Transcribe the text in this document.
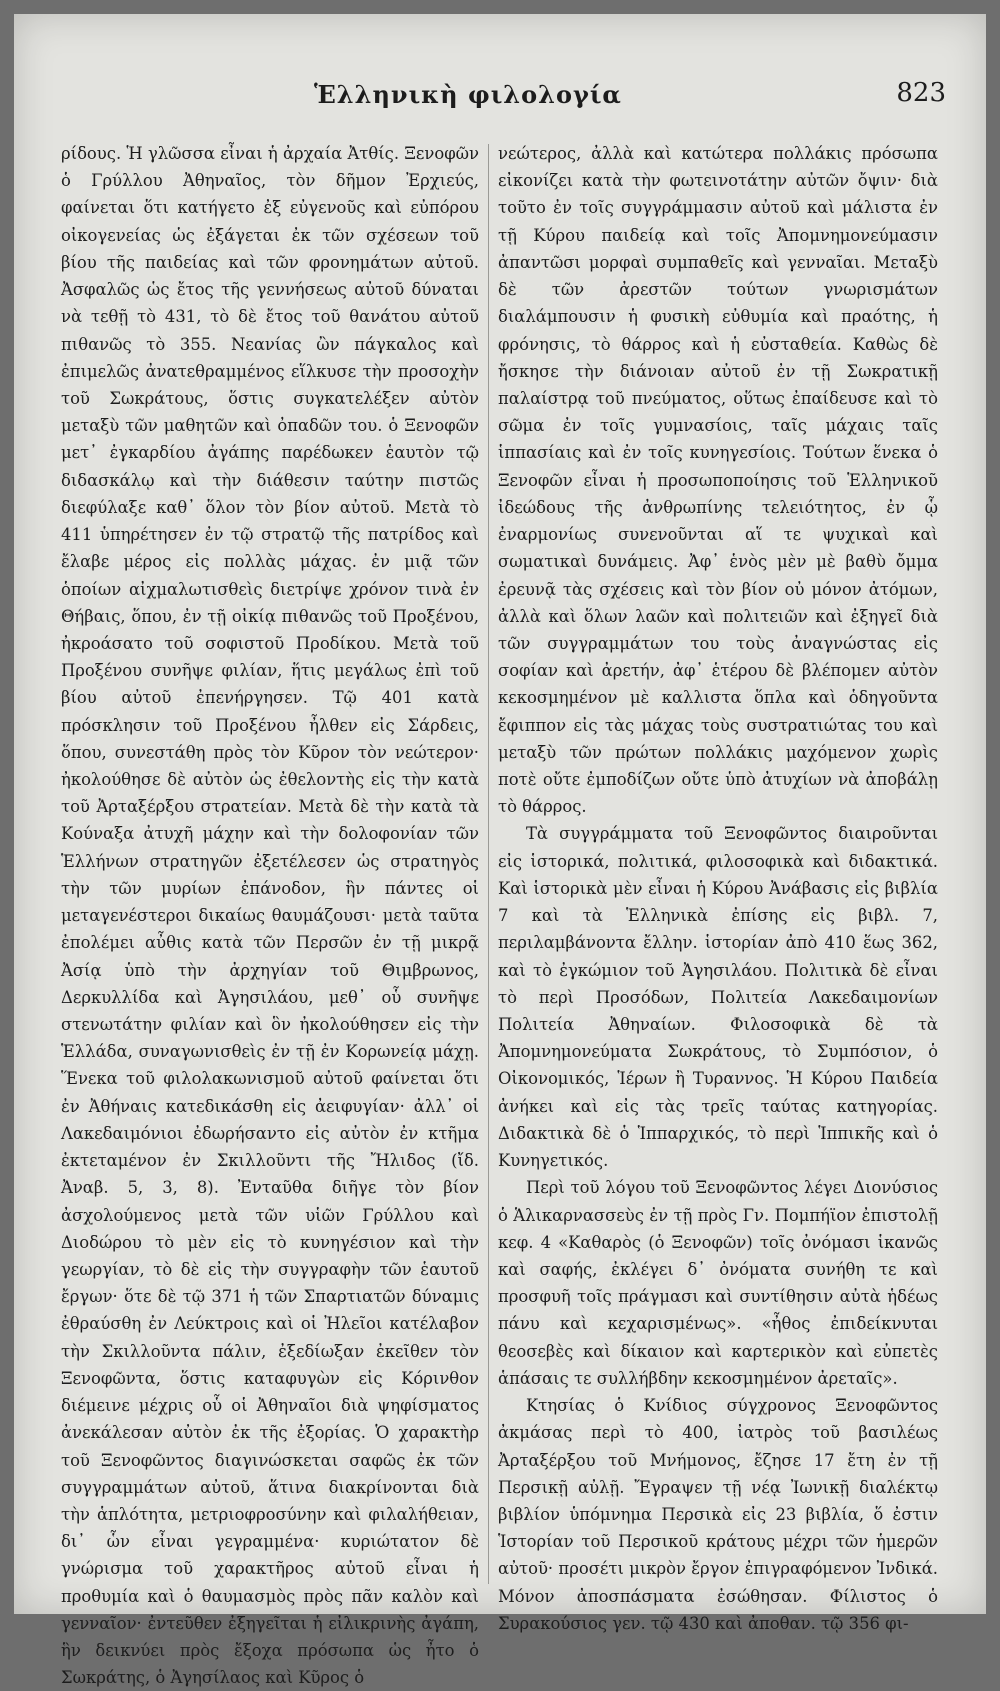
Ἑλληνικὴ φιλολογία	823

ρίδους. Ἡ γλῶσσα εἶναι ἡ ἀρχαία Ἀτθίς. Ξενοφῶν ὁ Γρύλλου Ἀθηναῖος, τὸν δῆμον Ἐρχιεύς, φαίνεται ὅτι κατήγετο ἐξ εὐγενοῦς καὶ εὐπόρου οἰκογενείας ὡς ἐξάγεται ἐκ τῶν σχέσεων τοῦ βίου τῆς παιδείας καὶ τῶν φρονημάτων αὐτοῦ. Ἀσφαλῶς ὡς ἔτος τῆς γεννήσεως αὐτοῦ δύναται νὰ τεθῇ τὸ 431, τὸ δὲ ἔτος τοῦ θανάτου αὐτοῦ πιθανῶς τὸ 355. Νεανίας ὢν πάγκαλος καὶ ἐπιμελῶς ἀνατεθραμμένος εἵλκυσε τὴν προσοχὴν τοῦ Σωκράτους, ὅστις συγκατελέξεν αὐτὸν μεταξὺ τῶν μαθητῶν καὶ ὀπαδῶν του. ὁ Ξενοφῶν μετ᾿ ἐγκαρδίου ἀγάπης παρέδωκεν ἑαυτὸν τῷ διδασκάλῳ καὶ τὴν διάθεσιν ταύτην πιστῶς διεφύλαξε καθ᾿ ὅλον τὸν βίον αὐτοῦ. Μετὰ τὸ 411 ὑπηρέτησεν ἐν τῷ στρατῷ τῆς πατρίδος καὶ ἔλαβε μέρος εἰς πολλὰς μάχας. ἐν μιᾷ τῶν ὁποίων αἰχμαλωτισθεὶς διετρίψε χρόνον τινὰ ἐν Θήβαις, ὅπου, ἐν τῇ οἰκίᾳ πιθανῶς τοῦ Προξένου, ἠκροάσατο τοῦ σοφιστοῦ Προδίκου. Μετὰ τοῦ Προξένου συνῆψε φιλίαν, ἥτις μεγάλως ἐπὶ τοῦ βίου αὐτοῦ ἐπενήργησεν. Τῷ 401 κατὰ πρόσκλησιν τοῦ Προξένου ἦλθεν εἰς Σάρδεις, ὅπου, συνεστάθη πρὸς τὸν Κῦρον τὸν νεώτερον· ἠκολούθησε δὲ αὐτὸν ὡς ἐθελοντὴς εἰς τὴν κατὰ τοῦ Ἀρταξέρξου στρατείαν. Μετὰ δὲ τὴν κατὰ τὰ Κούναξα ἀτυχῆ μάχην καὶ τὴν δολοφονίαν τῶν Ἑλλήνων στρατηγῶν ἐξετέλεσεν ὡς στρατηγὸς τὴν τῶν μυρίων ἐπάνοδον, ἣν πάντες οἱ μεταγενέστεροι δικαίως θαυμάζουσι· μετὰ ταῦτα ἐπολέμει αὖθις κατὰ τῶν Περσῶν ἐν τῇ μικρᾷ Ἀσίᾳ ὑπὸ τὴν ἀρχηγίαν τοῦ Θιμβρωνος, Δερκυλλίδα καὶ Ἀγησιλάου, μεθ᾿ οὗ συνῆψε στενωτάτην φιλίαν καὶ ὃν ἠκολούθησεν εἰς τὴν Ἑλλάδα, συναγωνισθεὶς ἐν τῇ ἐν Κορωνείᾳ μάχῃ. Ἕνεκα τοῦ φιλολακωνισμοῦ αὐτοῦ φαίνεται ὅτι ἐν Ἀθήναις κατεδικάσθη εἰς ἀειφυγίαν· ἀλλ᾿ οἱ Λακεδαιμόνιοι ἐδωρήσαντο εἰς αὐτὸν ἐν κτῆμα ἐκτεταμένον ἐν Σκιλλοῦντι τῆς Ἤλιδος (ἴδ. Ἀναβ. 5, 3, 8). Ἐνταῦθα διῆγε τὸν βίον ἀσχολούμενος μετὰ τῶν υἱῶν Γρύλλου καὶ Διοδώρου τὸ μὲν εἰς τὸ κυνηγέσιον καὶ τὴν γεωργίαν, τὸ δὲ εἰς τὴν συγγραφὴν τῶν ἑαυτοῦ ἔργων· ὅτε δὲ τῷ 371 ἡ τῶν Σπαρτιατῶν δύναμις ἐθραύσθη ἐν Λεύκτροις καὶ οἱ Ἠλεῖοι κατέλαβον τὴν Σκιλλοῦντα πάλιν, ἐξεδίωξαν ἐκεῖθεν τὸν Ξενοφῶντα, ὅστις καταφυγὼν εἰς Κόρινθον διέμεινε μέχρις οὗ οἱ Ἀθηναῖοι διὰ ψηφίσματος ἀνεκάλεσαν αὐτὸν ἐκ τῆς ἐξορίας. Ὁ χαρακτὴρ τοῦ Ξενοφῶντος διαγινώσκεται σαφῶς ἐκ τῶν συγγραμμάτων αὐτοῦ, ἅτινα διακρίνονται διὰ τὴν ἁπλότητα, μετριοφροσύνην καὶ φιλαλήθειαν, δι᾿ ὧν εἶναι γεγραμμένα· κυριώτατον δὲ γνώρισμα τοῦ χαρακτῆρος αὐτοῦ εἶναι ἡ προθυμία καὶ ὁ θαυμασμὸς πρὸς πᾶν καλὸν καὶ γενναῖον· ἐντεῦθεν ἐξηγεῖται ἡ εἰλικρινὴς ἀγάπη, ἣν δεικνύει πρὸς ἔξοχα πρόσωπα ὡς ἦτο ὁ Σωκράτης, ὁ Ἀγησίλαος καὶ Κῦρος ὁ

νεώτερος, ἀλλὰ καὶ κατώτερα πολλάκις πρόσωπα εἰκονίζει κατὰ τὴν φωτεινοτάτην αὐτῶν ὄψιν· διὰ τοῦτο ἐν τοῖς συγγράμμασιν αὐτοῦ καὶ μάλιστα ἐν τῇ Κύρου παιδείᾳ καὶ τοῖς Ἀπομνημονεύμασιν ἀπαντῶσι μορφαὶ συμπαθεῖς καὶ γενναῖαι. Μεταξὺ δὲ τῶν ἀρεστῶν τούτων γνωρισμάτων διαλάμπουσιν ἡ φυσικὴ εὐθυμία καὶ πραότης, ἡ φρόνησις, τὸ θάρρος καὶ ἡ εὐσταθεία. Καθὼς δὲ ἤσκησε τὴν διάνοιαν αὐτοῦ ἐν τῇ Σωκρατικῇ παλαίστρᾳ τοῦ πνεύματος, οὕτως ἐπαίδευσε καὶ τὸ σῶμα ἐν τοῖς γυμνασίοις, ταῖς μάχαις ταῖς ἱππασίαις καὶ ἐν τοῖς κυνηγεσίοις. Τούτων ἕνεκα ὁ Ξενοφῶν εἶναι ἡ προσωποποίησις τοῦ Ἑλληνικοῦ ἰδεώδους τῆς ἀνθρωπίνης τελειότητος, ἐν ᾧ ἐναρμονίως συνενοῦνται αἵ τε ψυχικαὶ καὶ σωματικαὶ δυνάμεις. Ἀφ᾿ ἑνὸς μὲν μὲ βαθὺ ὄμμα ἐρευνᾷ τὰς σχέσεις καὶ τὸν βίον οὐ μόνον ἀτόμων, ἀλλὰ καὶ ὅλων λαῶν καὶ πολιτειῶν καὶ ἐξηγεῖ διὰ τῶν συγγραμμάτων του τοὺς ἀναγνώστας εἰς σοφίαν καὶ ἀρετήν, ἀφ᾿ ἑτέρου δὲ βλέπομεν αὐτὸν κεκοσμημένον μὲ καλλιστα ὅπλα καὶ ὁδηγοῦντα ἔφιππον εἰς τὰς μάχας τοὺς συστρατιώτας του καὶ μεταξὺ τῶν πρώτων πολλάκις μαχόμενον χωρὶς ποτὲ οὔτε ἐμποδίζων οὔτε ὑπὸ ἀτυχίων νὰ ἀποβάλῃ τὸ θάρρος.

Τὰ συγγράμματα τοῦ Ξενοφῶντος διαιροῦνται εἰς ἱστορικά, πολιτικά, φιλοσοφικὰ καὶ διδακτικά. Καὶ ἱστορικὰ μὲν εἶναι ἡ Κύρου Ἀνάβασις εἰς βιβλία 7 καὶ τὰ Ἑλληνικὰ ἐπίσης εἰς βιβλ. 7, περιλαμβάνοντα ἔλλην. ἱστορίαν ἀπὸ 410 ἕως 362, καὶ τὸ ἐγκώμιον τοῦ Ἀγησιλάου. Πολιτικὰ δὲ εἶναι τὸ περὶ Προσόδων, Πολιτεία Λακεδαιμονίων Πολιτεία Ἀθηναίων. Φιλοσοφικὰ δὲ τὰ Ἀπομνημονεύματα Σωκράτους, τὸ Συμπόσιον, ὁ Οἰκονομικός, Ἱέρων ἢ Τυραννος. Ἡ Κύρου Παιδεία ἀνήκει καὶ εἰς τὰς τρεῖς ταύτας κατηγορίας. Διδακτικὰ δὲ ὁ Ἱππαρχικός, τὸ περὶ Ἱππικῆς καὶ ὁ Κυνηγετικός.

Περὶ τοῦ λόγου τοῦ Ξενοφῶντος λέγει Διονύσιος ὁ Ἁλικαρνασσεὺς ἐν τῇ πρὸς Γν. Πομπήϊον ἐπιστολῇ κεφ. 4 «Καθαρὸς (ὁ Ξενοφῶν) τοῖς ὀνόμασι ἱκανῶς καὶ σαφής, ἐκλέγει δ᾿ ὀνόματα συνήθη τε καὶ προσφυῆ τοῖς πράγμασι καὶ συντίθησιν αὐτὰ ἡδέως πάνυ καὶ κεχαρισμένως». «ἦθος ἐπιδείκνυται θεοσεβὲς καὶ δίκαιον καὶ καρτερικὸν καὶ εὐπετὲς ἁπάσαις τε συλλήβδην κεκοσμημένον ἀρεταῖς».

Κτησίας ὁ Κνίδιος σύγχρονος Ξενοφῶντος ἀκμάσας περὶ τὸ 400, ἰατρὸς τοῦ βασιλέως Ἀρταξέρξου τοῦ Μνήμονος, ἔζησε 17 ἔτη ἐν τῇ Περσικῇ αὐλῇ. Ἔγραψεν τῇ νέᾳ Ἰωνικῇ διαλέκτῳ βιβλίον ὑπόμνημα Περσικὰ εἰς 23 βιβλία, ὅ ἐστιν Ἱστορίαν τοῦ Περσικοῦ κράτους μέχρι τῶν ἡμερῶν αὐτοῦ· προσέτι μικρὸν ἔργον ἐπιγραφόμενον Ἰνδικά. Μόνον ἀποσπάσματα ἐσώθησαν. Φίλιστος ὁ Συρακούσιος γεν. τῷ 430 καὶ ἀποθαν. τῷ 356 φι-
